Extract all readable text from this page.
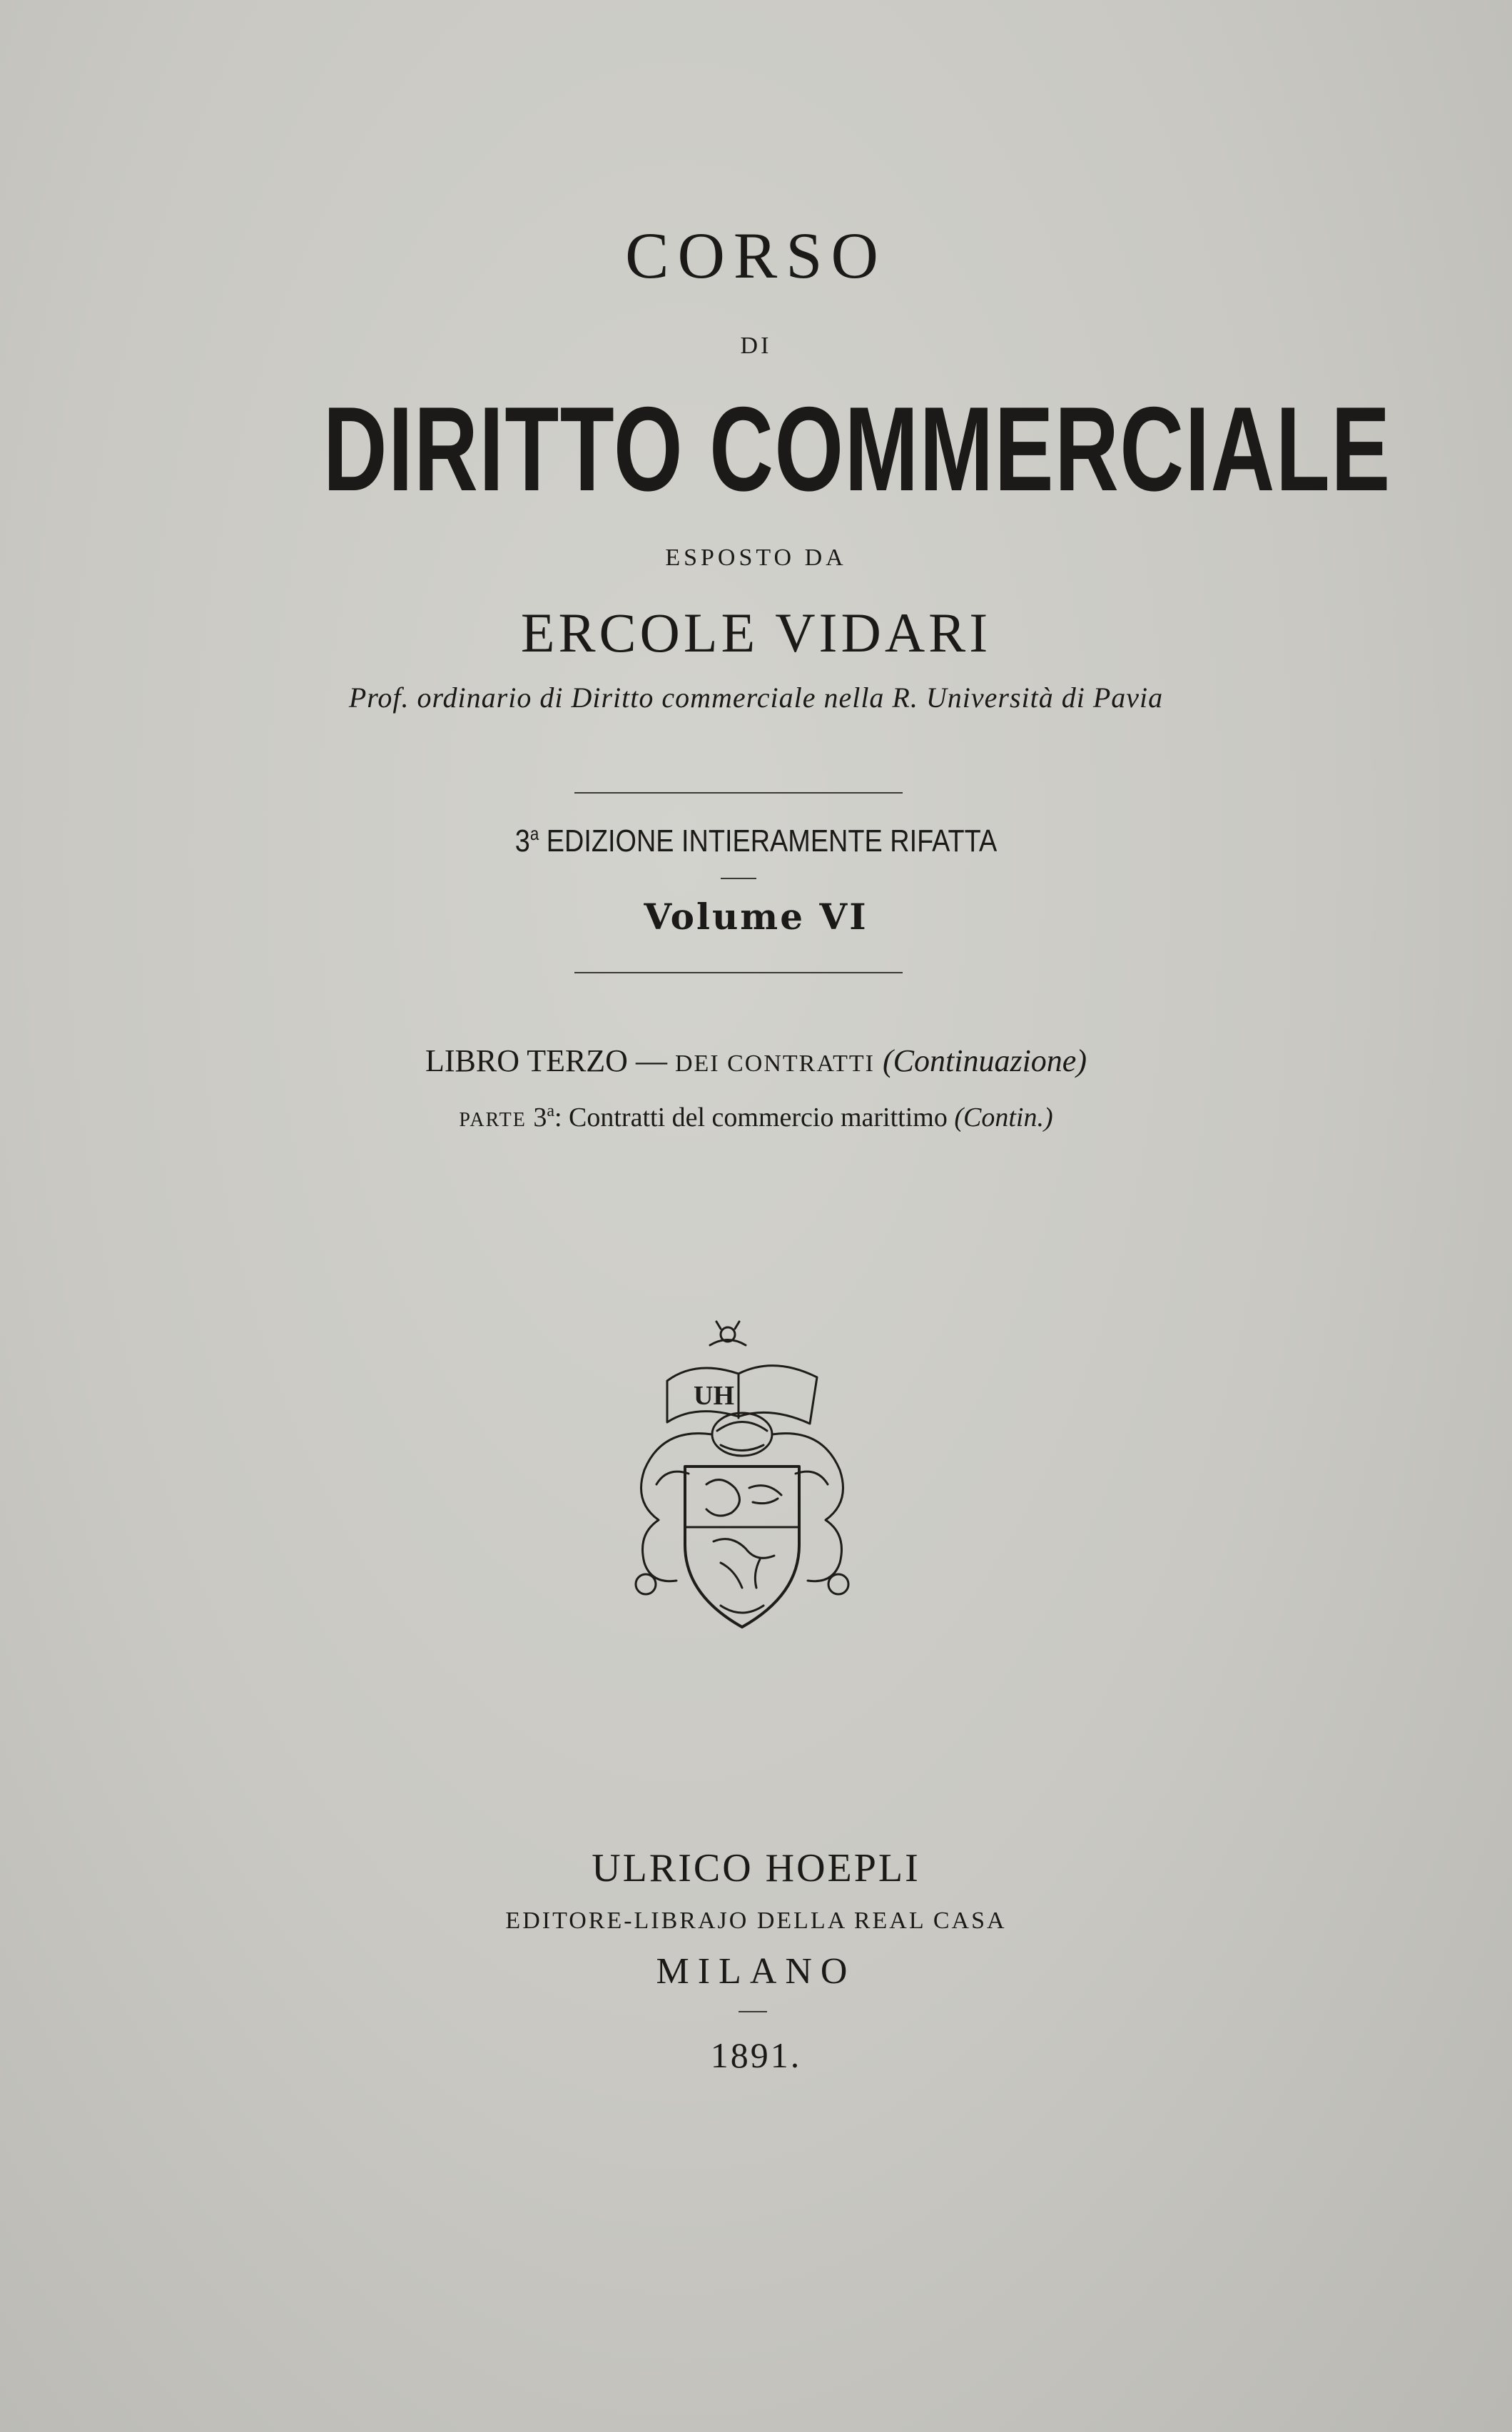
CORSO
DI
DIRITTO COMMERCIALE
ESPOSTO DA
ERCOLE VIDARI
Prof. ordinario di Diritto commerciale nella R. Università di Pavia
3$^a$ EDIZIONE INTIERAMENTE RIFATTA
Volume VI
LIBRO TERZO — DEI CONTRATTI (Continuazione)
PARTE 3$^a$: Contratti del commercio marittimo (Contin.)
UH
ULRICO HOEPLI
EDITORE-LIBRAJO DELLA REAL CASA
MILANO
1891.
